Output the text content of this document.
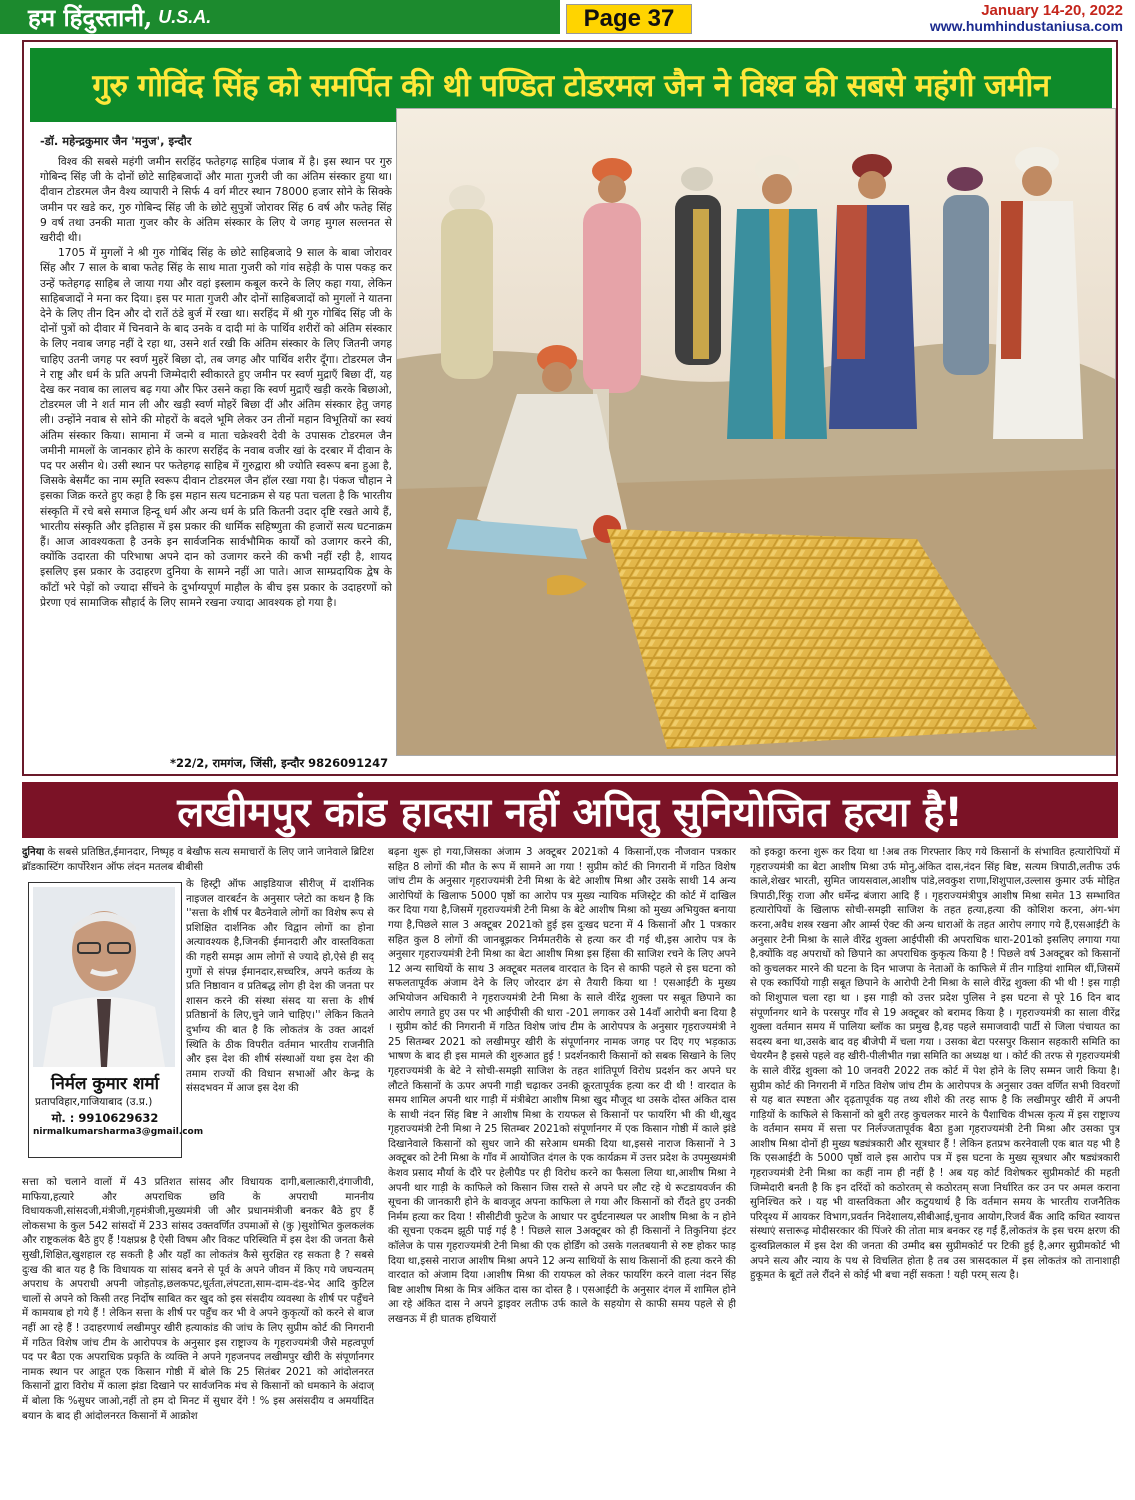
हम हिंदुस्तानी, U.S.A.	Page 37	January 14-20, 2022
www.humhindustaniusa.com
गुरु गोविंद सिंह को समर्पित की थी पण्डित टोडरमल जैन ने विश्व की सबसे महंगी जमीन
-डॉ. महेन्द्रकुमार जैन 'मनुज', इन्दौर

विश्व की सबसे महंगी जमीन सरहिंद फतेहगढ़ साहिब पंजाब में है। इस स्थान पर गुरु गोबिन्द सिंह जी के दोनों छोटे साहिबजादों और माता गुजरी जी का अंतिम संस्कार हुया था। दीवान टोडरमल जैन वैश्य व्यापारी ने सिर्फ 4 वर्ग मीटर स्थान 78000 हजार सोने के सिक्के जमीन पर खडे कर, गुरु गोबिन्द सिंह जी के छोटे सुपुत्रों जोरावर सिंह 6 वर्ष और फतेह सिंह 9 वर्ष तथा उनकी माता गुजर कौर के अंतिम संस्कार के लिए ये जगह मुगल सल्तनत से खरीदी थी।

1705 में मुगलों ने श्री गुरु गोबिंद सिंह के छोटे साहिबजादे 9 साल के बाबा जोरावर सिंह और 7 साल के बाबा फतेह सिंह के साथ माता गुजरी को गांव सहेड़ी के पास पकड़ कर उन्हें फतेहगढ़ साहिब ले जाया गया और वहां इस्लाम कबूल करने के लिए कहा गया, लेकिन साहिबजादों ने मना कर दिया। इस पर माता गुजरी और दोनों साहिबजादों को मुगलों ने यातना देने के लिए तीन दिन और दो रातें ठंडे बुर्ज में रखा था। सरहिंद में श्री गुरु गोबिंद सिंह जी के दोनों पुत्रों को दीवार में चिनवाने के बाद उनके व दादी मां के पार्थिव शरीरों को अंतिम संस्कार के लिए नवाब जगह नहीं दे रहा था, उसने शर्त रखी कि अंतिम संस्कार के लिए जितनी जगह चाहिए उतनी जगह पर स्वर्ण मुहरें बिछा दो, तब जगह और पार्थिव शरीर दूँगा। टोडरमल जैन ने राष्ट्र और धर्म के प्रति अपनी जिम्मेदारी स्वीकारते हुए जमीन पर स्वर्ण मुद्राएँ बिछा दीं, यह देख कर नवाब का लालच बढ़ गया और फिर उसने कहा कि स्वर्ण मुद्राएँ खड़ी करके बिछाओ, टोडरमल जी ने शर्त मान ली और खड़ी स्वर्ण मोहरें बिछा दीं और अंतिम संस्कार हेतु जगह ली। उन्होंने नवाब से सोने की मोहरों के बदले भूमि लेकर उन तीनों महान विभूतियों का स्वयं अंतिम संस्कार किया। सामाना में जन्मे व माता चक्रेश्वरी देवी के उपासक टोडरमल जैन जमीनी मामलों के जानकार होने के कारण सरहिंद के नवाब वजीर खां के दरबार में दीवान के पद पर असीन थे। उसी स्थान पर फतेहगढ़ साहिब में गुरुद्वारा श्री ज्योति स्वरूप बना हुआ है, जिसके बेसमैंट का नाम स्मृति स्वरूप दीवान टोडरमल जैन हॉल रखा गया है। पंकज चौहान ने इसका जिक्र करते हुए कहा है कि इस महान सत्य घटनाक्रम से यह पता चलता है कि भारतीय संस्कृति में रचे बसे समाज हिन्दू धर्म और अन्य धर्म के प्रति कितनी उदार दृष्टि रखते आये हैं, भारतीय संस्कृति और इतिहास में इस प्रकार की धार्मिक सहिष्णुता की हजारों सत्य घटनाक्रम हैं। आज आवश्यकता है उनके इन सार्वजनिक सार्वभौमिक कार्यों को उजागर करने की, क्योंकि उदारता की परिभाषा अपने दान को उजागर करने की कभी नहीं रही है, शायद इसलिए इस प्रकार के उदाहरण दुनिया के सामने नहीं आ पाते। आज साम्प्रदायिक द्वेष के काँटों भरे पेड़ों को ज्यादा सींचने के दुर्भाग्यपूर्ण माहौल के बीच इस प्रकार के उदाहरणों को प्रेरणा एवं सामाजिक सौहार्द के लिए सामने रखना ज्यादा आवश्यक हो गया है।

*22/2, रामगंज, जिंसी, इन्दौर 9826091247
लखीमपुर कांड हादसा नहीं अपितु सुनियोजित हत्या है!

दुनिया के सबसे प्रतिष्ठित,ईमानदार, निष्पृह व बेखौफ सत्य समाचारों के लिए जाने जानेवाले ब्रिटिश ब्रॉडकास्टिंग कार्पोरेशन ऑफ लंदन मतलब बीबीसी

निर्मल कुमार शर्मा
प्रतापविहार,गाजियाबाद (उ.प्र.)
मो. : 9910629632
nirmalkumarsharma3@gmail.com

के हिस्ट्री ऑफ आइडियाज सीरीज् में दार्शनिक नाइजल वारबर्टन के अनुसार प्लेटो का कथन है कि ''सत्ता के शीर्ष पर बैठनेवाले लोगों का विशेष रूप से प्रशिक्षित दार्शनिक और विद्वान लोगों का होना अत्यावश्यक है,जिनकी ईमानदारी और वास्तविकता की गहरी समझ आम लोगों से ज्यादे हो,ऐसे ही सद् गुणों से संपन्न ईमानदार,सच्चरित्र, अपने कर्तव्य के प्रति निष्ठावान व प्रतिबद्ध लोग ही देश की जनता पर शासन करने की संस्था संसद या सत्ता के शीर्ष प्रतिष्ठानों के लिए,चुने जाने चाहिए।'' लेकिन कितने दुर्भाग्य की बात है कि लोकतंत्र के उक्त आदर्श स्थिति के ठीक विपरीत वर्तमान भारतीय राजनीति और इस देश की शीर्ष संस्थाओं यथा इस देश की तमाम राज्यों की विधान सभाओं और केन्द्र के संसदभवन में आज इस देश की

सत्ता को चलाने वालों में 43 प्रतिशत सांसद और विधायक दागी,बलात्कारी,दंगाजीवी, माफिया,हत्यारे और अपराधिक छवि के अपराधी माननीय विधायकजी,सांसदजी,मंत्रीजी,गृहमंत्रीजी,मुख्यमंत्री जी और प्रधानमंत्रीजी बनकर बैठे हुए हैं लोकसभा के कुल 542 सांसदों में 233 सांसद उक्तवर्णित उपमाओं से (कु )सुशोभित कुलकलंक और राष्ट्रकलंक बैठे हुए हैं !यक्षप्रश्न है ऐसी विषम और विकट परिस्थिति में इस देश की जनता कैसे सुखी,शिक्षित,खुशहाल रह सकती है और यहाँ का लोकतंत्र कैसे सुरक्षित रह सकता है ? सबसे दुःख की बात यह है कि विधायक या सांसद बनने से पूर्व के अपने जीवन में किए गये जघन्यतम् अपराध के अपराधी अपनी जोड़तोड़,छलकपट,धूर्तता,लंपटता,साम-दाम-दंड-भेद आदि कुटिल चालों से अपने को किसी तरह निर्दोष साबित कर खुद को इस संसदीय व्यवस्था के शीर्ष पर पहुँचने में कामयाब हो गये हैं ! लेकिन सत्ता के शीर्ष पर पहुँच कर भी वे अपने कुकृत्यों को करने से बाज नहीं आ रहे हैं ! उदाहरणार्थ लखीमपुर खीरी हत्याकांड की जांच के लिए सुप्रीम कोर्ट की निगरानी में गठित विशेष जांच टीम के आरोपपत्र के अनुसार इस राष्ट्राज्य के गृहराज्यमंत्री जैसे महत्वपूर्ण पद पर बैठा एक अपराधिक प्रकृति के व्यक्ति ने अपने गृहजनपद लखीमपुर खीरी के संपूर्णानगर नामक स्थान पर आहूत एक किसान गोष्ठी में बोले कि 25 सितंबर 2021 को आंदोलनरत किसानों द्वारा विरोध में काला झंडा दिखाने पर सार्वजनिक मंच से किसानों को धमकाने के अंदाज् में बोला कि %सुधर जाओ,नहीं तो हम दो मिनट में सुधार देंगे ! % इस असंसदीय व अमर्यादित बयान के बाद ही आंदोलनरत किसानों में आक्रोश

बढ़ना शुरू हो गया,जिसका अंजाम 3 अक्टूबर 2021को 4 किसानों,एक नौजवान पत्रकार सहित 8 लोगों की मौत के रूप में सामने आ गया ! सुप्रीम कोर्ट की निगरानी में गठित विशेष जांच टीम के अनुसार गृहराज्यमंत्री टेनी मिश्रा के बेटे आशीष मिश्रा और उसके साथी 14 अन्य आरोपियों के खिलाफ 5000 पृष्ठों का आरोप पत्र मुख्य न्यायिक मजिस्ट्रेट की कोर्ट में दाखिल कर दिया गया है,जिसमें गृहराज्यमंत्री टेनी मिश्रा के बेटे आशीष मिश्रा को मुख्य अभियुक्त बनाया गया है,पिछले साल 3 अक्टूबर 2021को हुई इस दुःखद घटना में 4 किसानों और 1 पत्रकार सहित कुल 8 लोगों की जानबूझकर निर्ममतरीके से हत्या कर दी गई थी,इस आरोप पत्र के अनुसार गृहराज्यमंत्री टेनी मिश्रा का बेटा आशीष मिश्रा इस हिंसा की साजिश रचने के लिए अपने 12 अन्य साथियों के साथ 3 अक्टूबर मतलब वारदात के दिन से काफी पहले से इस घटना को सफलतापूर्वक अंजाम देने के लिए जोरदार ढंग से तैयारी किया था ! एसआईटी के मुख्य अभियोजन अधिकारी ने गृहराज्यमंत्री टेनी मिश्रा के साले वीरेंद्र शुक्ला पर सबूत छिपाने का आरोप लगाते हुए उस पर भी आईपीसी की धारा -201 लगाकर उसे 14वाँ आरोपी बना दिया है । सुप्रीम कोर्ट की निगरानी में गठित विशेष जांच टीम के आरोपपत्र के अनुसार गृहराज्यमंत्री ने 25 सितम्बर 2021 को लखीमपुर खीरी के संपूर्णानगर नामक जगह पर दिए गए भड़काऊ भाषण के बाद ही इस मामले की शुरुआत हुई ! प्रदर्शनकारी किसानों को सबक सिखाने के लिए गृहराज्यमंत्री के बेटे ने सोची-समझी साजिश के तहत शांतिपूर्ण विरोध प्रदर्शन कर अपने घर लौटते किसानों के ऊपर अपनी गाड़ी चढ़ाकर उनकी क्रूरतापूर्वक हत्या कर दी थी ! वारदात के समय शामिल अपनी थार गाड़ी में मंत्रीबेटा आशीष मिश्रा खुद मौजूद था उसके दोस्त अंकित दास के साथी नंदन सिंह बिष्ट ने आशीष मिश्रा के रायफल से किसानों पर फायरिंग भी की थी,खुद गृहराज्यमंत्री टेनी मिश्रा ने 25 सितम्बर 2021को संपूर्णानगर में एक किसान गोष्ठी में काले झंडे दिखानेवाले किसानों को सुधर जाने की सरेआम धमकी दिया था,इससे नाराज किसानों ने 3 अक्टूबर को टेनी मिश्रा के गाँव में आयोजित दंगल के एक कार्यक्रम में उत्तर प्रदेश के उपमुख्यमंत्री केशव प्रसाद मौर्या के दौरे पर हेलीपैड पर ही विरोध करने का फैसला लिया था,आशीष मिश्रा ने अपनी थार गाड़ी के काफिले को किसान जिस रास्ते से अपने घर लौट रहे थे रूटडायवर्जन की सूचना की जानकारी होने के बावजूद अपना काफिला ले गया और किसानों को रौंदते हुए उनकी निर्मम हत्या कर दिया ! सीसीटीवी फुटेज के आधार पर दुर्घटनास्थल पर आशीष मिश्रा के न होने की सूचना एकदम झूठी पाई गई है ! पिछले साल 3अक्टूबर को ही किसानों ने तिकुनिया इंटर कॉलेज के पास गृहराज्यमंत्री टेनी मिश्रा की एक होर्डिंग को उसके गलतबयानी से रुष्ट होकर फाड़ दिया था,इससे नाराज आशीष मिश्रा अपने 12 अन्य साथियों के साथ किसानों की हत्या करने की वारदात को अंजाम दिया ।आशीष मिश्रा की रायफल को लेकर फायरिंग करने वाला नंदन सिंह बिष्ट आशीष मिश्रा के मित्र अंकित दास का दोस्त है । एसआईटी के अनुसार दंगल में शामिल होने आ रहे अंकित दास ने अपने ड्राइवर लतीफ उर्फ काले के सहयोग से काफी समय पहले से ही लखनऊ में ही घातक हथियारों

को इकठ्ठा करना शुरू कर दिया था !अब तक गिरफ्तार किए गये किसानों के संभावित हत्यारोपियों में गृहराज्यमंत्री का बेटा आशीष मिश्रा उर्फ मोनु,अंकित दास,नंदन सिंह बिष्ट, सत्यम त्रिपाठी,लतीफ उर्फ काले,शेखर भारती, सुमित जायसवाल,आशीष पांडे,लवकुश राणा,शिशुपाल,उल्लास कुमार उर्फ मोहित त्रिपाठी,रिंकू राजा और धर्मेन्द्र बंजारा आदि हैं । गृहराज्यमंत्रीपुत्र आशीष मिश्रा समेत 13 सम्भावित हत्यारोपियों के खिलाफ सोची-समझी साजिश के तहत हत्या,हत्या की कोशिश करना, अंग-भंग करना,अवैध शस्त्र रखना और आर्म्स ऐक्ट की अन्य धाराओं के तहत आरोप लगाए गये हैं,एसआईटी के अनुसार टेनी मिश्रा के साले वीरेंद्र शुक्ला आईपीसी की अपराधिक धारा-201को इसलिए लगाया गया है,क्योंकि वह अपराधों को छिपाने का अपराधिक कुकृत्य किया है ! पिछले वर्ष 3अक्टूबर को किसानों को कुचलकर मारने की घटना के दिन भाजपा के नेताओं के काफिले में तीन गाड़ियां शामिल थीं,जिसमें से एक स्कार्पियो गाड़ी सबूत छिपाने के आरोपी टेनी मिश्रा के साले वीरेंद्र शुक्ला की भी थी ! इस गाड़ी को शिशुपाल चला रहा था । इस गाड़ी को उत्तर प्रदेश पुलिस ने इस घटना से पूरे 16 दिन बाद संपूर्णानगर थाने के परसपुर गाँव से 19 अक्टूबर को बरामद किया है । गृहराज्यमंत्री का साला वीरेंद्र शुक्ला वर्तमान समय में पालिया ब्लॉक का प्रमुख है,वह पहले समाजवादी पार्टी से जिला पंचायत का सदस्य बना था,उसके बाद वह बीजेपी में चला गया । उसका बेटा परसपुर किसान सहकारी समिति का चेयरमैन है इससे पहले वह खीरी-पीलीभीत गन्ना समिति का अध्यक्ष था । कोर्ट की तरफ से गृहराज्यमंत्री के साले वीरेंद्र शुक्ला को 10 जनवरी 2022 तक कोर्ट में पेश होने के लिए सम्मन जारी किया है। सुप्रीम कोर्ट की निगरानी में गठित विशेष जांच टीम के आरोपपत्र के अनुसार उक्त वर्णित सभी विवरणों से यह बात स्पष्टता और दृढ़तापूर्वक यह तथ्य शीशे की तरह साफ है कि लखीमपुर खीरी में अपनी गाड़ियों के काफिले से किसानों को बुरी तरह कुचलकर मारने के पैशाचिक वीभत्स कृत्य में इस राष्ट्राज्य के वर्तमान समय में सत्ता पर निर्लज्जतापूर्वक बैठा हुआ गृहराज्यमंत्री टेनी मिश्रा और उसका पुत्र आशीष मिश्रा दोनों ही मुख्य षड्यंत्रकारी और सूत्रधार हैं ! लेकिन हतप्रभ करनेवाली एक बात यह भी है कि एसआईटी के 5000 पृष्ठों वाले इस आरोप पत्र में इस घटना के मुख्य सूत्रधार और षड्यंत्रकारी गृहराज्यमंत्री टेनी मिश्रा का कहीं नाम ही नहीं है ! अब यह कोर्ट विशेषकर सुप्रीमकोर्ट की महती जिम्मेदारी बनती है कि इन दरिंदों को कठोरतम् से कठोरतम् सजा निर्धारित कर उन पर अमल कराना सुनिश्चित करे । यह भी वास्तविकता और कटुयथार्थ है कि वर्तमान समय के भारतीय राजनैतिक परिदृश्य में आयकर विभाग,प्रवर्तन निदेशालय,सीबीआई,चुनाव आयोग,रिजर्व बैंक आदि कथित स्वायत्त संस्थाएं सत्तारूढ़ मोदीसरकार की पिंजरे की तोता मात्र बनकर रह गईं हैं,लोकतंत्र के इस चरम क्षरण की दुःस्वप्निलकाल में इस देश की जनता की उम्मीद बस सुप्रीमकोर्ट पर टिकी हुई है,अगर सुप्रीमकोर्ट भी अपने सत्य और न्याय के पथ से विचलित होता है तब उस त्रासदकाल में इस लोकतंत्र को तानाशाही हुकूमत के बूटों तले रौंदने से कोई भी बचा नहीं सकता ! यही परम् सत्य है।
